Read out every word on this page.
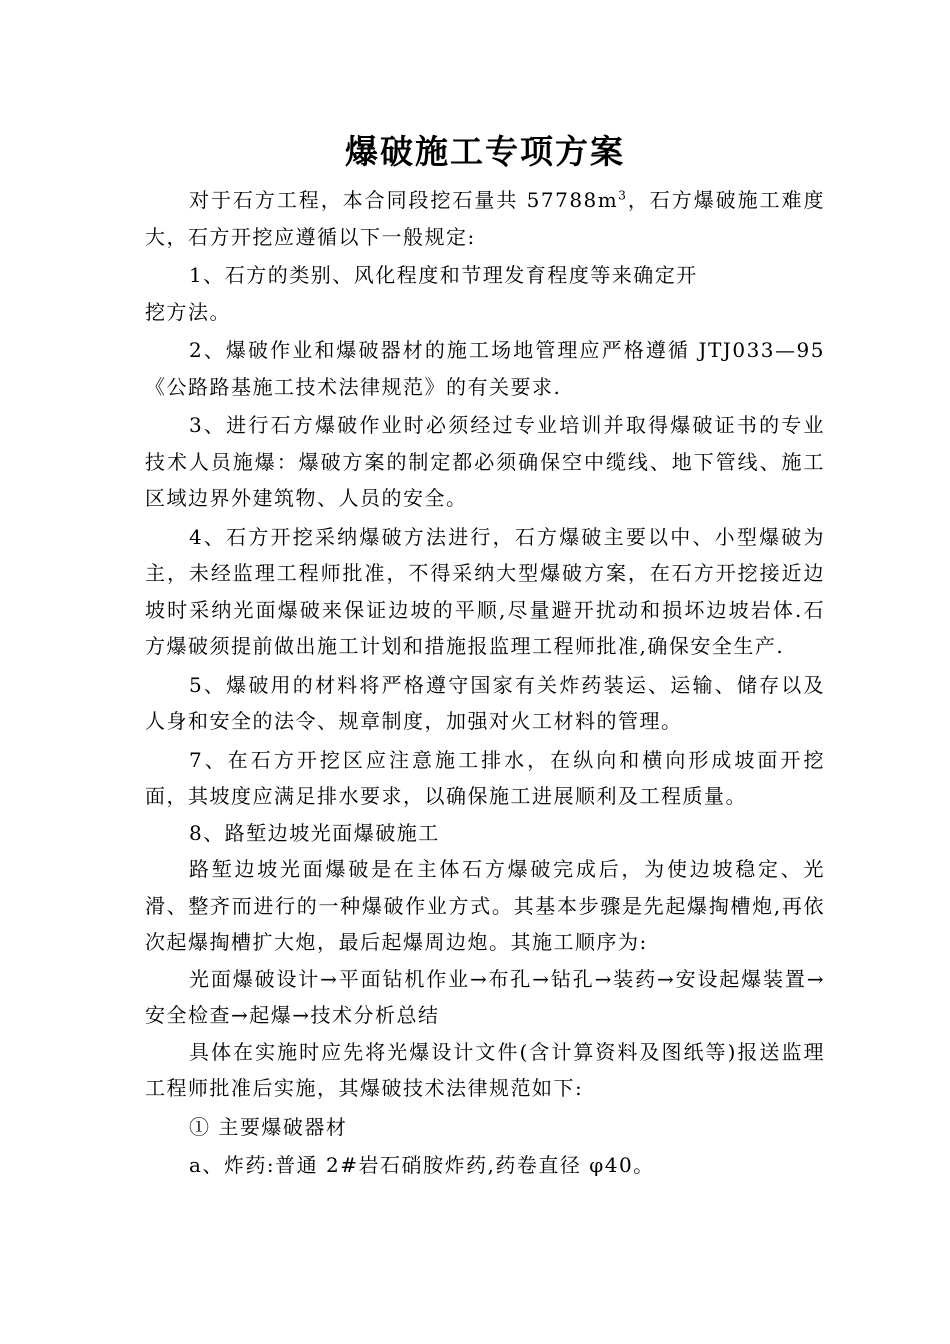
爆破施工专项方案

对于石方工程，本合同段挖石量共 $57788m^3$，石方爆破施工难度大，石方开挖应遵循以下一般规定:

1、石方的类别、风化程度和节理发育程度等来确定开

挖方法。

2、爆破作业和爆破器材的施工场地管理应严格遵循 JTJ033—95《公路路基施工技术法律规范》的有关要求.

3、进行石方爆破作业时必须经过专业培训并取得爆破证书的专业技术人员施爆：爆破方案的制定都必须确保空中缆线、地下管线、施工区域边界外建筑物、人员的安全。

4、石方开挖采纳爆破方法进行，石方爆破主要以中、小型爆破为主，未经监理工程师批准，不得采纳大型爆破方案，在石方开挖接近边坡时采纳光面爆破来保证边坡的平顺,尽量避开扰动和损坏边坡岩体.石方爆破须提前做出施工计划和措施报监理工程师批准,确保安全生产.

5、爆破用的材料将严格遵守国家有关炸药装运、运输、储存以及人身和安全的法令、规章制度，加强对火工材料的管理。

7、在石方开挖区应注意施工排水，在纵向和横向形成坡面开挖面，其坡度应满足排水要求，以确保施工进展顺利及工程质量。

8、路堑边坡光面爆破施工

路堑边坡光面爆破是在主体石方爆破完成后，为使边坡稳定、光滑、整齐而进行的一种爆破作业方式。其基本步骤是先起爆掏槽炮,再依次起爆掏槽扩大炮，最后起爆周边炮。其施工顺序为:

光面爆破设计→平面钻机作业→布孔→钻孔→装药→安设起爆装置→安全检查→起爆→技术分析总结

具体在实施时应先将光爆设计文件(含计算资料及图纸等)报送监理工程师批准后实施，其爆破技术法律规范如下:

① 主要爆破器材

a、炸药:普通 2#岩石硝胺炸药,药卷直径 φ40。
